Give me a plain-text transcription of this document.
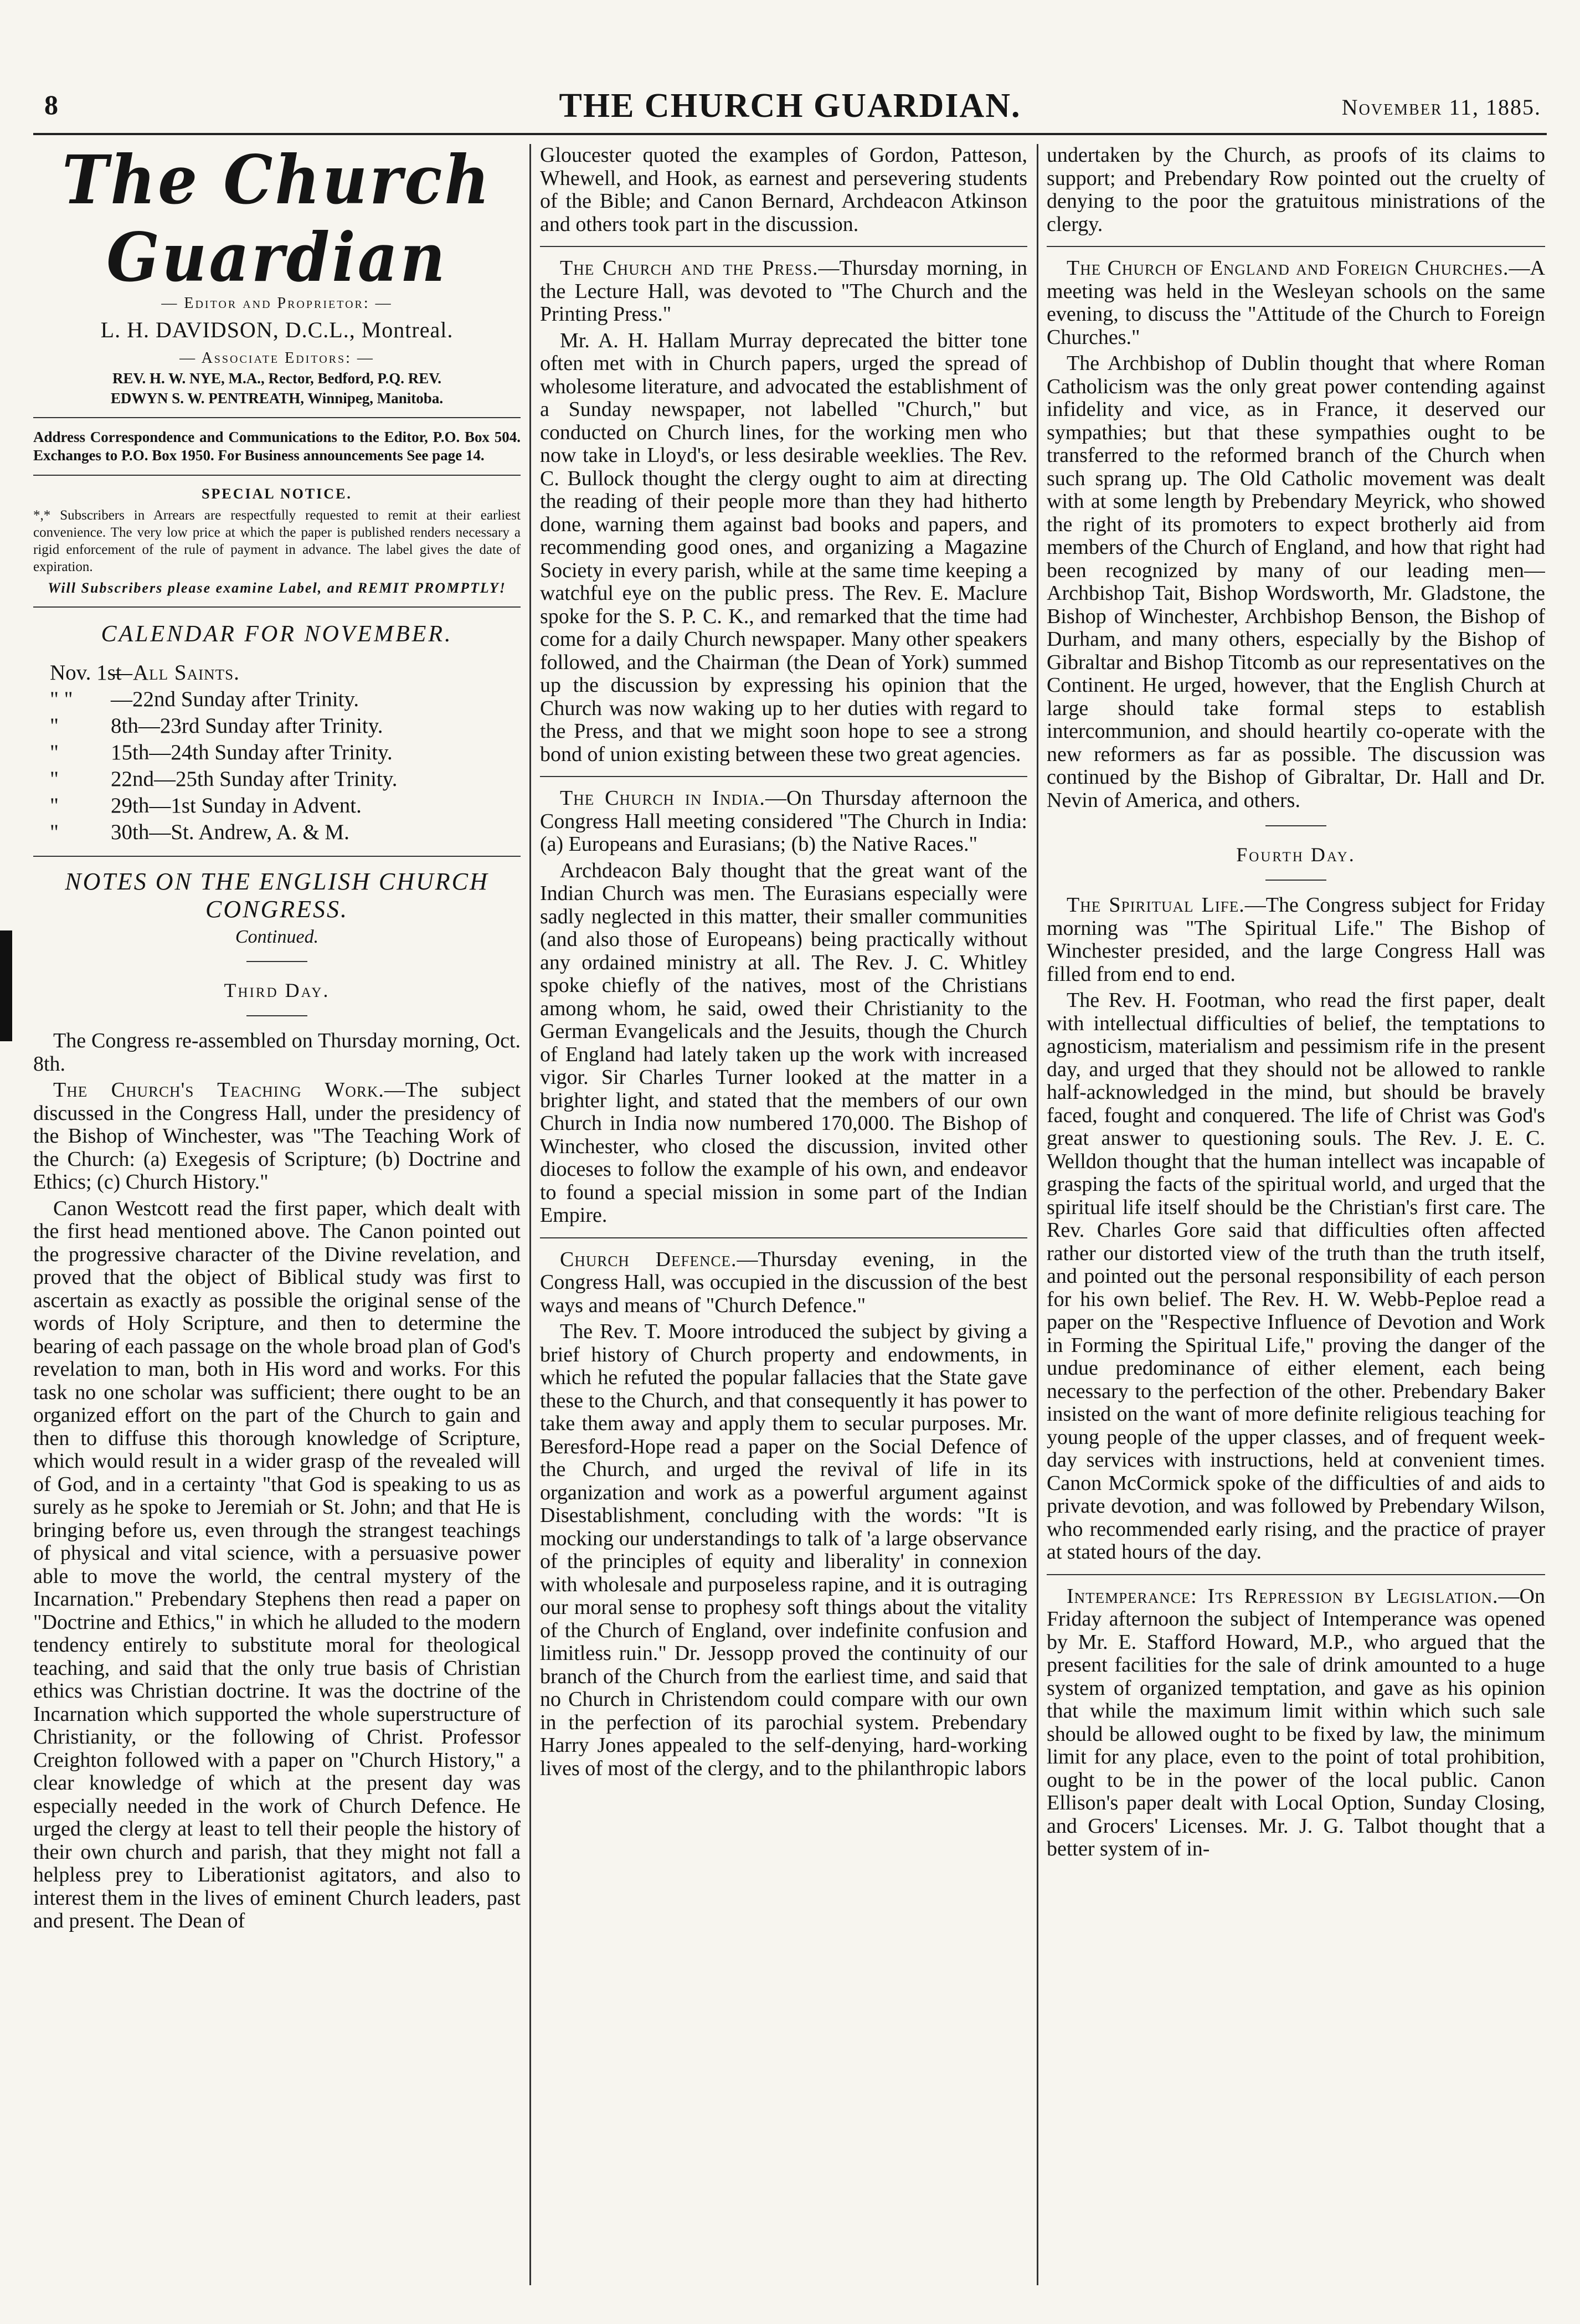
8	THE CHURCH GUARDIAN.	November 11, 1885.
The Church Guardian
— Editor and Proprietor: —
L. H. DAVIDSON, D.C.L., Montreal.
— Associate Editors: —
REV. H. W. NYE, M.A., Rector, Bedford, P.Q. REV.
EDWYN S. W. PENTREATH, Winnipeg, Manitoba.

Address Correspondence and Communications to the Editor, P.O. Box 504. Exchanges to P.O. Box 1950. For Business announcements See page 14.

SPECIAL NOTICE.

*,* Subscribers in Arrears are respectfully requested to remit at their earliest convenience. The very low price at which the paper is published renders necessary a rigid enforcement of the rule of payment in advance. The label gives the date of expiration.

Will Subscribers please examine Label, and REMIT PROMPTLY!
CALENDAR FOR NOVEMBER.
Nov. 1st—All Saints.
" " —22nd Sunday after Trinity.
" 8th—23rd Sunday after Trinity.
" 15th—24th Sunday after Trinity.
" 22nd—25th Sunday after Trinity.
" 29th—1st Sunday in Advent.
" 30th—St. Andrew, A. & M.
NOTES ON THE ENGLISH CHURCH CONGRESS.
Continued.
Third Day.

The Congress re-assembled on Thursday morning, Oct. 8th.

The Church's Teaching Work.—The subject discussed in the Congress Hall, under the presidency of the Bishop of Winchester, was "The Teaching Work of the Church: (a) Exegesis of Scripture; (b) Doctrine and Ethics; (c) Church History."

Canon Westcott read the first paper, which dealt with the first head mentioned above. The Canon pointed out the progressive character of the Divine revelation, and proved that the object of Biblical study was first to ascertain as exactly as possible the original sense of the words of Holy Scripture, and then to determine the bearing of each passage on the whole broad plan of God's revelation to man, both in His word and works. For this task no one scholar was sufficient; there ought to be an organized effort on the part of the Church to gain and then to diffuse this thorough knowledge of Scripture, which would result in a wider grasp of the revealed will of God, and in a certainty "that God is speaking to us as surely as he spoke to Jeremiah or St. John; and that He is bringing before us, even through the strangest teachings of physical and vital science, with a persuasive power able to move the world, the central mystery of the Incarnation." Prebendary Stephens then read a paper on "Doctrine and Ethics," in which he alluded to the modern tendency entirely to substitute moral for theological teaching, and said that the only true basis of Christian ethics was Christian doctrine. It was the doctrine of the Incarnation which supported the whole superstructure of Christianity, or the following of Christ. Professor Creighton followed with a paper on "Church History," a clear knowledge of which at the present day was especially needed in the work of Church Defence. He urged the clergy at least to tell their people the history of their own church and parish, that they might not fall a helpless prey to Liberationist agitators, and also to interest them in the lives of eminent Church leaders, past and present. The Dean of

Gloucester quoted the examples of Gordon, Patteson, Whewell, and Hook, as earnest and persevering students of the Bible; and Canon Bernard, Archdeacon Atkinson and others took part in the discussion.

The Church and the Press.—Thursday morning, in the Lecture Hall, was devoted to "The Church and the Printing Press."

Mr. A. H. Hallam Murray deprecated the bitter tone often met with in Church papers, urged the spread of wholesome literature, and advocated the establishment of a Sunday newspaper, not labelled "Church," but conducted on Church lines, for the working men who now take in Lloyd's, or less desirable weeklies. The Rev. C. Bullock thought the clergy ought to aim at directing the reading of their people more than they had hitherto done, warning them against bad books and papers, and recommending good ones, and organizing a Magazine Society in every parish, while at the same time keeping a watchful eye on the public press. The Rev. E. Maclure spoke for the S. P. C. K., and remarked that the time had come for a daily Church newspaper. Many other speakers followed, and the Chairman (the Dean of York) summed up the discussion by expressing his opinion that the Church was now waking up to her duties with regard to the Press, and that we might soon hope to see a strong bond of union existing between these two great agencies.

The Church in India.—On Thursday afternoon the Congress Hall meeting considered "The Church in India: (a) Europeans and Eurasians; (b) the Native Races."

Archdeacon Baly thought that the great want of the Indian Church was men. The Eurasians especially were sadly neglected in this matter, their smaller communities (and also those of Europeans) being practically without any ordained ministry at all. The Rev. J. C. Whitley spoke chiefly of the natives, most of the Christians among whom, he said, owed their Christianity to the German Evangelicals and the Jesuits, though the Church of England had lately taken up the work with increased vigor. Sir Charles Turner looked at the matter in a brighter light, and stated that the members of our own Church in India now numbered 170,000. The Bishop of Winchester, who closed the discussion, invited other dioceses to follow the example of his own, and endeavor to found a special mission in some part of the Indian Empire.

Church Defence.—Thursday evening, in the Congress Hall, was occupied in the discussion of the best ways and means of "Church Defence."

The Rev. T. Moore introduced the subject by giving a brief history of Church property and endowments, in which he refuted the popular fallacies that the State gave these to the Church, and that consequently it has power to take them away and apply them to secular purposes. Mr. Beresford-Hope read a paper on the Social Defence of the Church, and urged the revival of life in its organization and work as a powerful argument against Disestablishment, concluding with the words: "It is mocking our understandings to talk of 'a large observance of the principles of equity and liberality' in connexion with wholesale and purposeless rapine, and it is outraging our moral sense to prophesy soft things about the vitality of the Church of England, over indefinite confusion and limitless ruin." Dr. Jessopp proved the continuity of our branch of the Church from the earliest time, and said that no Church in Christendom could compare with our own in the perfection of its parochial system. Prebendary Harry Jones appealed to the self-denying, hard-working lives of most of the clergy, and to the philanthropic labors

undertaken by the Church, as proofs of its claims to support; and Prebendary Row pointed out the cruelty of denying to the poor the gratuitous ministrations of the clergy.

The Church of England and Foreign Churches.—A meeting was held in the Wesleyan schools on the same evening, to discuss the "Attitude of the Church to Foreign Churches."

The Archbishop of Dublin thought that where Roman Catholicism was the only great power contending against infidelity and vice, as in France, it deserved our sympathies; but that these sympathies ought to be transferred to the reformed branch of the Church when such sprang up. The Old Catholic movement was dealt with at some length by Prebendary Meyrick, who showed the right of its promoters to expect brotherly aid from members of the Church of England, and how that right had been recognized by many of our leading men—Archbishop Tait, Bishop Wordsworth, Mr. Gladstone, the Bishop of Winchester, Archbishop Benson, the Bishop of Durham, and many others, especially by the Bishop of Gibraltar and Bishop Titcomb as our representatives on the Continent. He urged, however, that the English Church at large should take formal steps to establish intercommunion, and should heartily co-operate with the new reformers as far as possible. The discussion was continued by the Bishop of Gibraltar, Dr. Hall and Dr. Nevin of America, and others.

Fourth Day.

The Spiritual Life.—The Congress subject for Friday morning was "The Spiritual Life." The Bishop of Winchester presided, and the large Congress Hall was filled from end to end.

The Rev. H. Footman, who read the first paper, dealt with intellectual difficulties of belief, the temptations to agnosticism, materialism and pessimism rife in the present day, and urged that they should not be allowed to rankle half-acknowledged in the mind, but should be bravely faced, fought and conquered. The life of Christ was God's great answer to questioning souls. The Rev. J. E. C. Welldon thought that the human intellect was incapable of grasping the facts of the spiritual world, and urged that the spiritual life itself should be the Christian's first care. The Rev. Charles Gore said that difficulties often affected rather our distorted view of the truth than the truth itself, and pointed out the personal responsibility of each person for his own belief. The Rev. H. W. Webb-Peploe read a paper on the "Respective Influence of Devotion and Work in Forming the Spiritual Life," proving the danger of the undue predominance of either element, each being necessary to the perfection of the other. Prebendary Baker insisted on the want of more definite religious teaching for young people of the upper classes, and of frequent week-day services with instructions, held at convenient times. Canon McCormick spoke of the difficulties of and aids to private devotion, and was followed by Prebendary Wilson, who recommended early rising, and the practice of prayer at stated hours of the day.

Intemperance: Its Repression by Legislation.—On Friday afternoon the subject of Intemperance was opened by Mr. E. Stafford Howard, M.P., who argued that the present facilities for the sale of drink amounted to a huge system of organized temptation, and gave as his opinion that while the maximum limit within which such sale should be allowed ought to be fixed by law, the minimum limit for any place, even to the point of total prohibition, ought to be in the power of the local public. Canon Ellison's paper dealt with Local Option, Sunday Closing, and Grocers' Licenses. Mr. J. G. Talbot thought that a better system of in-
